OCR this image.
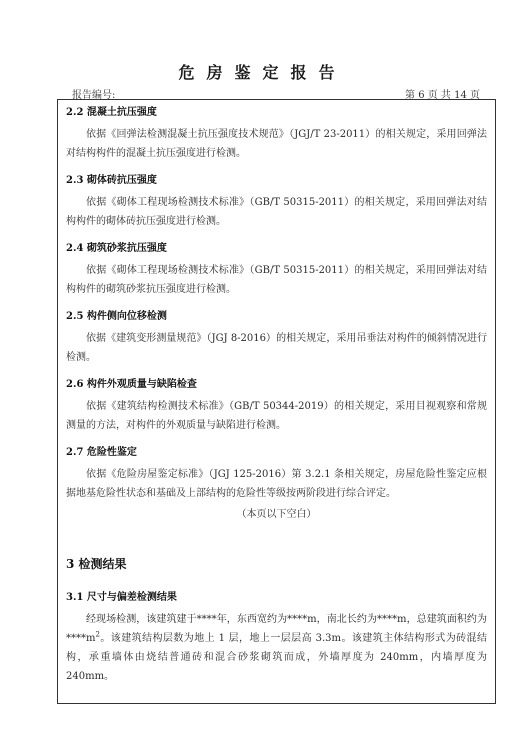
危房鉴定报告
报告编号:	第 6 页 共 14 页
2.2 混凝土抗压强度
依据《回弹法检测混凝土抗压强度技术规范》（JGJ/T 23-2011）的相关规定，采用回弹法对结构构件的混凝土抗压强度进行检测。
2.3 砌体砖抗压强度
依据《砌体工程现场检测技术标准》（GB/T 50315-2011）的相关规定，采用回弹法对结构构件的砌体砖抗压强度进行检测。
2.4 砌筑砂浆抗压强度
依据《砌体工程现场检测技术标准》（GB/T 50315-2011）的相关规定，采用回弹法对结构构件的砌筑砂浆抗压强度进行检测。
2.5 构件侧向位移检测
依据《建筑变形测量规范》（JGJ 8-2016）的相关规定，采用吊垂法对构件的倾斜情况进行检测。
2.6 构件外观质量与缺陷检查
依据《建筑结构检测技术标准》（GB/T 50344-2019）的相关规定，采用目视观察和常规测量的方法，对构件的外观质量与缺陷进行检测。
2.7 危险性鉴定
依据《危险房屋鉴定标准》（JGJ 125-2016）第 3.2.1 条相关规定，房屋危险性鉴定应根据地基危险性状态和基础及上部结构的危险性等级按两阶段进行综合评定。
（本页以下空白）
3 检测结果
3.1 尺寸与偏差检测结果
经现场检测，该建筑建于****年，东西宽约为****m，南北长约为****m，总建筑面积约为$****m^2$。该建筑结构层数为地上 1 层，地上一层层高 3.3m。该建筑主体结构形式为砖混结构，承重墙体由烧结普通砖和混合砂浆砌筑而成，外墙厚度为 240mm，内墙厚度为 240mm。
